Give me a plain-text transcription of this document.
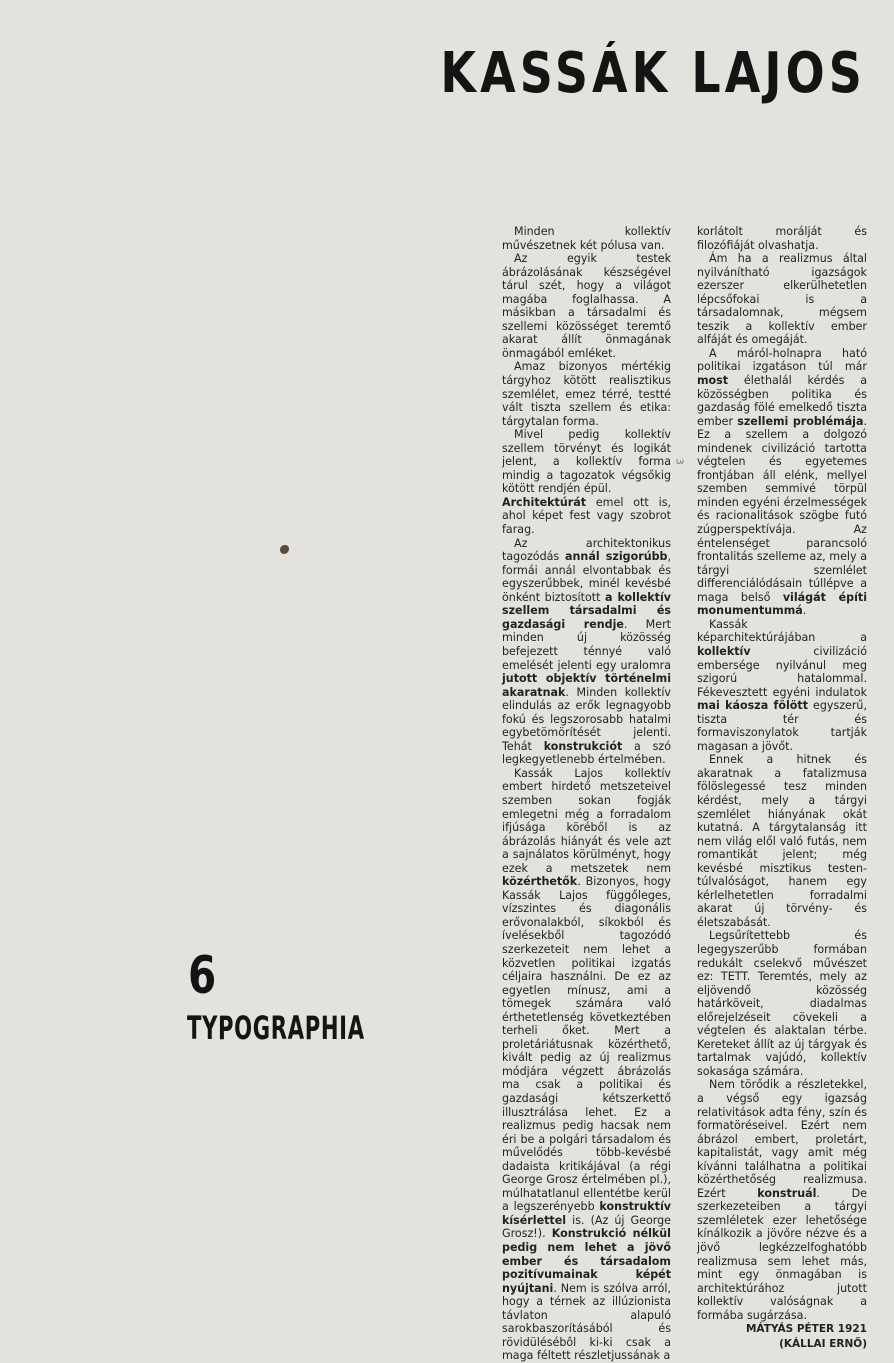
KASSÁK LAJOS
3

Minden kollektív művészetnek két pólusa van.

Az egyik testek ábrázolásának készségével tárul szét, hogy a világot magába foglalhassa. A másikban a társadalmi és szellemi közösséget teremtő akarat állít önmagának önmagából emléket.

Amaz bizonyos mértékig tárgyhoz kötött realisztikus szemlélet, emez térré, testté vált tiszta szellem és etika: tárgytalan forma.

Mivel pedig kollektív szellem törvényt és logikát jelent, a kollektív forma mindig a tagozatok végsőkig kötött rendjén épül.

Architektúrát emel ott is, ahol képet fest vagy szobrot farag.

Az architektonikus tagozódás annál szigorúbb, formái annál elvontabbak és egyszerűbbek, minél kevésbé önként biztosított a kollektív szellem társadalmi és gazdasági rendje. Mert minden új közösség befejezett ténnyé való emelését jelenti egy uralomra jutott objektív történelmi akaratnak. Minden kollektív elindulás az erők legnagyobb fokú és legszorosabb hatalmi egybetömörítését jelenti. Tehát konstrukciót a szó legkegyetlenebb értelmében.

Kassák Lajos kollektív embert hirdető metszeteivel szemben sokan fogják emlegetni még a forradalom ifjúsága köréből is az ábrázolás hiányát és vele azt a sajnálatos körülményt, hogy ezek a metszetek nem közérthetők. Bizonyos, hogy Kassák Lajos függőleges, vízszintes és diagonális erővonalakból, síkokból és ívelésekből tagozódó szerkezeteit nem lehet a közvetlen politikai izgatás céljaira használni. De ez az egyetlen mínusz, ami a tömegek számára való érthetetlenség következtében terheli őket. Mert a proletáriátusnak közérthető, kivált pedig az új realizmus módjára végzett ábrázolás ma csak a politikai és gazdasági kétszerkettő illusztrálása lehet. Ez a realizmus pedig hacsak nem éri be a polgári társadalom és művelődés több-kevésbé dadaista kritikájával (a régi George Grosz értelmében pl.), múlhatatlanul ellentétbe kerül a legszerényebb konstruktív kísérlettel is. (Az új George Grosz!). Konstrukció nélkül pedig nem lehet a jövő ember és társadalom pozitívumainak képét nyújtani. Nem is szólva arról, hogy a térnek az illúzionista távlaton alapuló sarokbaszorításából és rövidülésébôl ki-ki csak a maga féltett részletjussának a

korlátolt morálját és filozófiáját olvashatja.

Ám ha a realizmus által nyilvánítható igazságok ezerszer elkerülhetetlen lépcsőfokai is a társadalomnak, mégsem teszik a kollektív ember alfáját és omegáját.

A máról-holnapra ható politikai izgatáson túl már most élethalál kérdés a közösségben politika és gazdaság fölé emelkedő tiszta ember szellemi problémája. Ez a szellem a dolgozó mindenek civilizáció tartotta végtelen és egyetemes frontjában áll elénk, mellyel szemben semmivé törpül minden egyéni érzelmességek és racionalitások szögbe futó zúgperspektívája. Az éntelenséget parancsoló frontalitás szelleme az, mely a tárgyi szemlélet differenciálódásain túllépve a maga belső világát építi monumentummá.

Kassák képarchitektúrájában a kollektív civilizáció embersége nyilvánul meg szigorú hatalommal. Fékevesztett egyéni indulatok mai káosza fölött egyszerű, tiszta tér és formaviszonylatok tartják magasan a jövőt.

Ennek a hitnek és akaratnak a fatalizmusa fölöslegessé tesz minden kérdést, mely a tárgyi szemlélet hiányának okát kutatná. A tárgytalanság itt nem világ elől való futás, nem romantikát jelent; még kevésbé misztikus testen-túlvalóságot, hanem egy kérlelhetetlen forradalmi akarat új törvény- és életszabását.

Legsűrítettebb és legegyszerűbb formában redukált cselekvő művészet ez: TETT. Teremtés, mely az eljövendő közösség határköveit, diadalmas előrejelzéseit cövekeli a végtelen és alaktalan térbe. Kereteket állít az új tárgyak és tartalmak vajúdó, kollektív sokasága számára.

Nem törődik a részletekkel, a végső egy igazság relativitások adta fény, szín és formatöréseivel. Ezért nem ábrázol embert, proletárt, kapitalistát, vagy amit még kívánni találhatna a politikai közérthetőség realizmusa. Ezért konstruál. De szerkezeteiben a tárgyi szemléletek ezer lehetősége kínálkozik a jövőre nézve és a jövő legkézzelfoghatóbb realizmusa sem lehet más, mint egy önmagában is architektúrához jutott kollektív valóságnak a formába sugárzása.

MÁTYÁS PÉTER 1921
(KÁLLAI ERNŐ)
6
TYPOGRAPHIA
